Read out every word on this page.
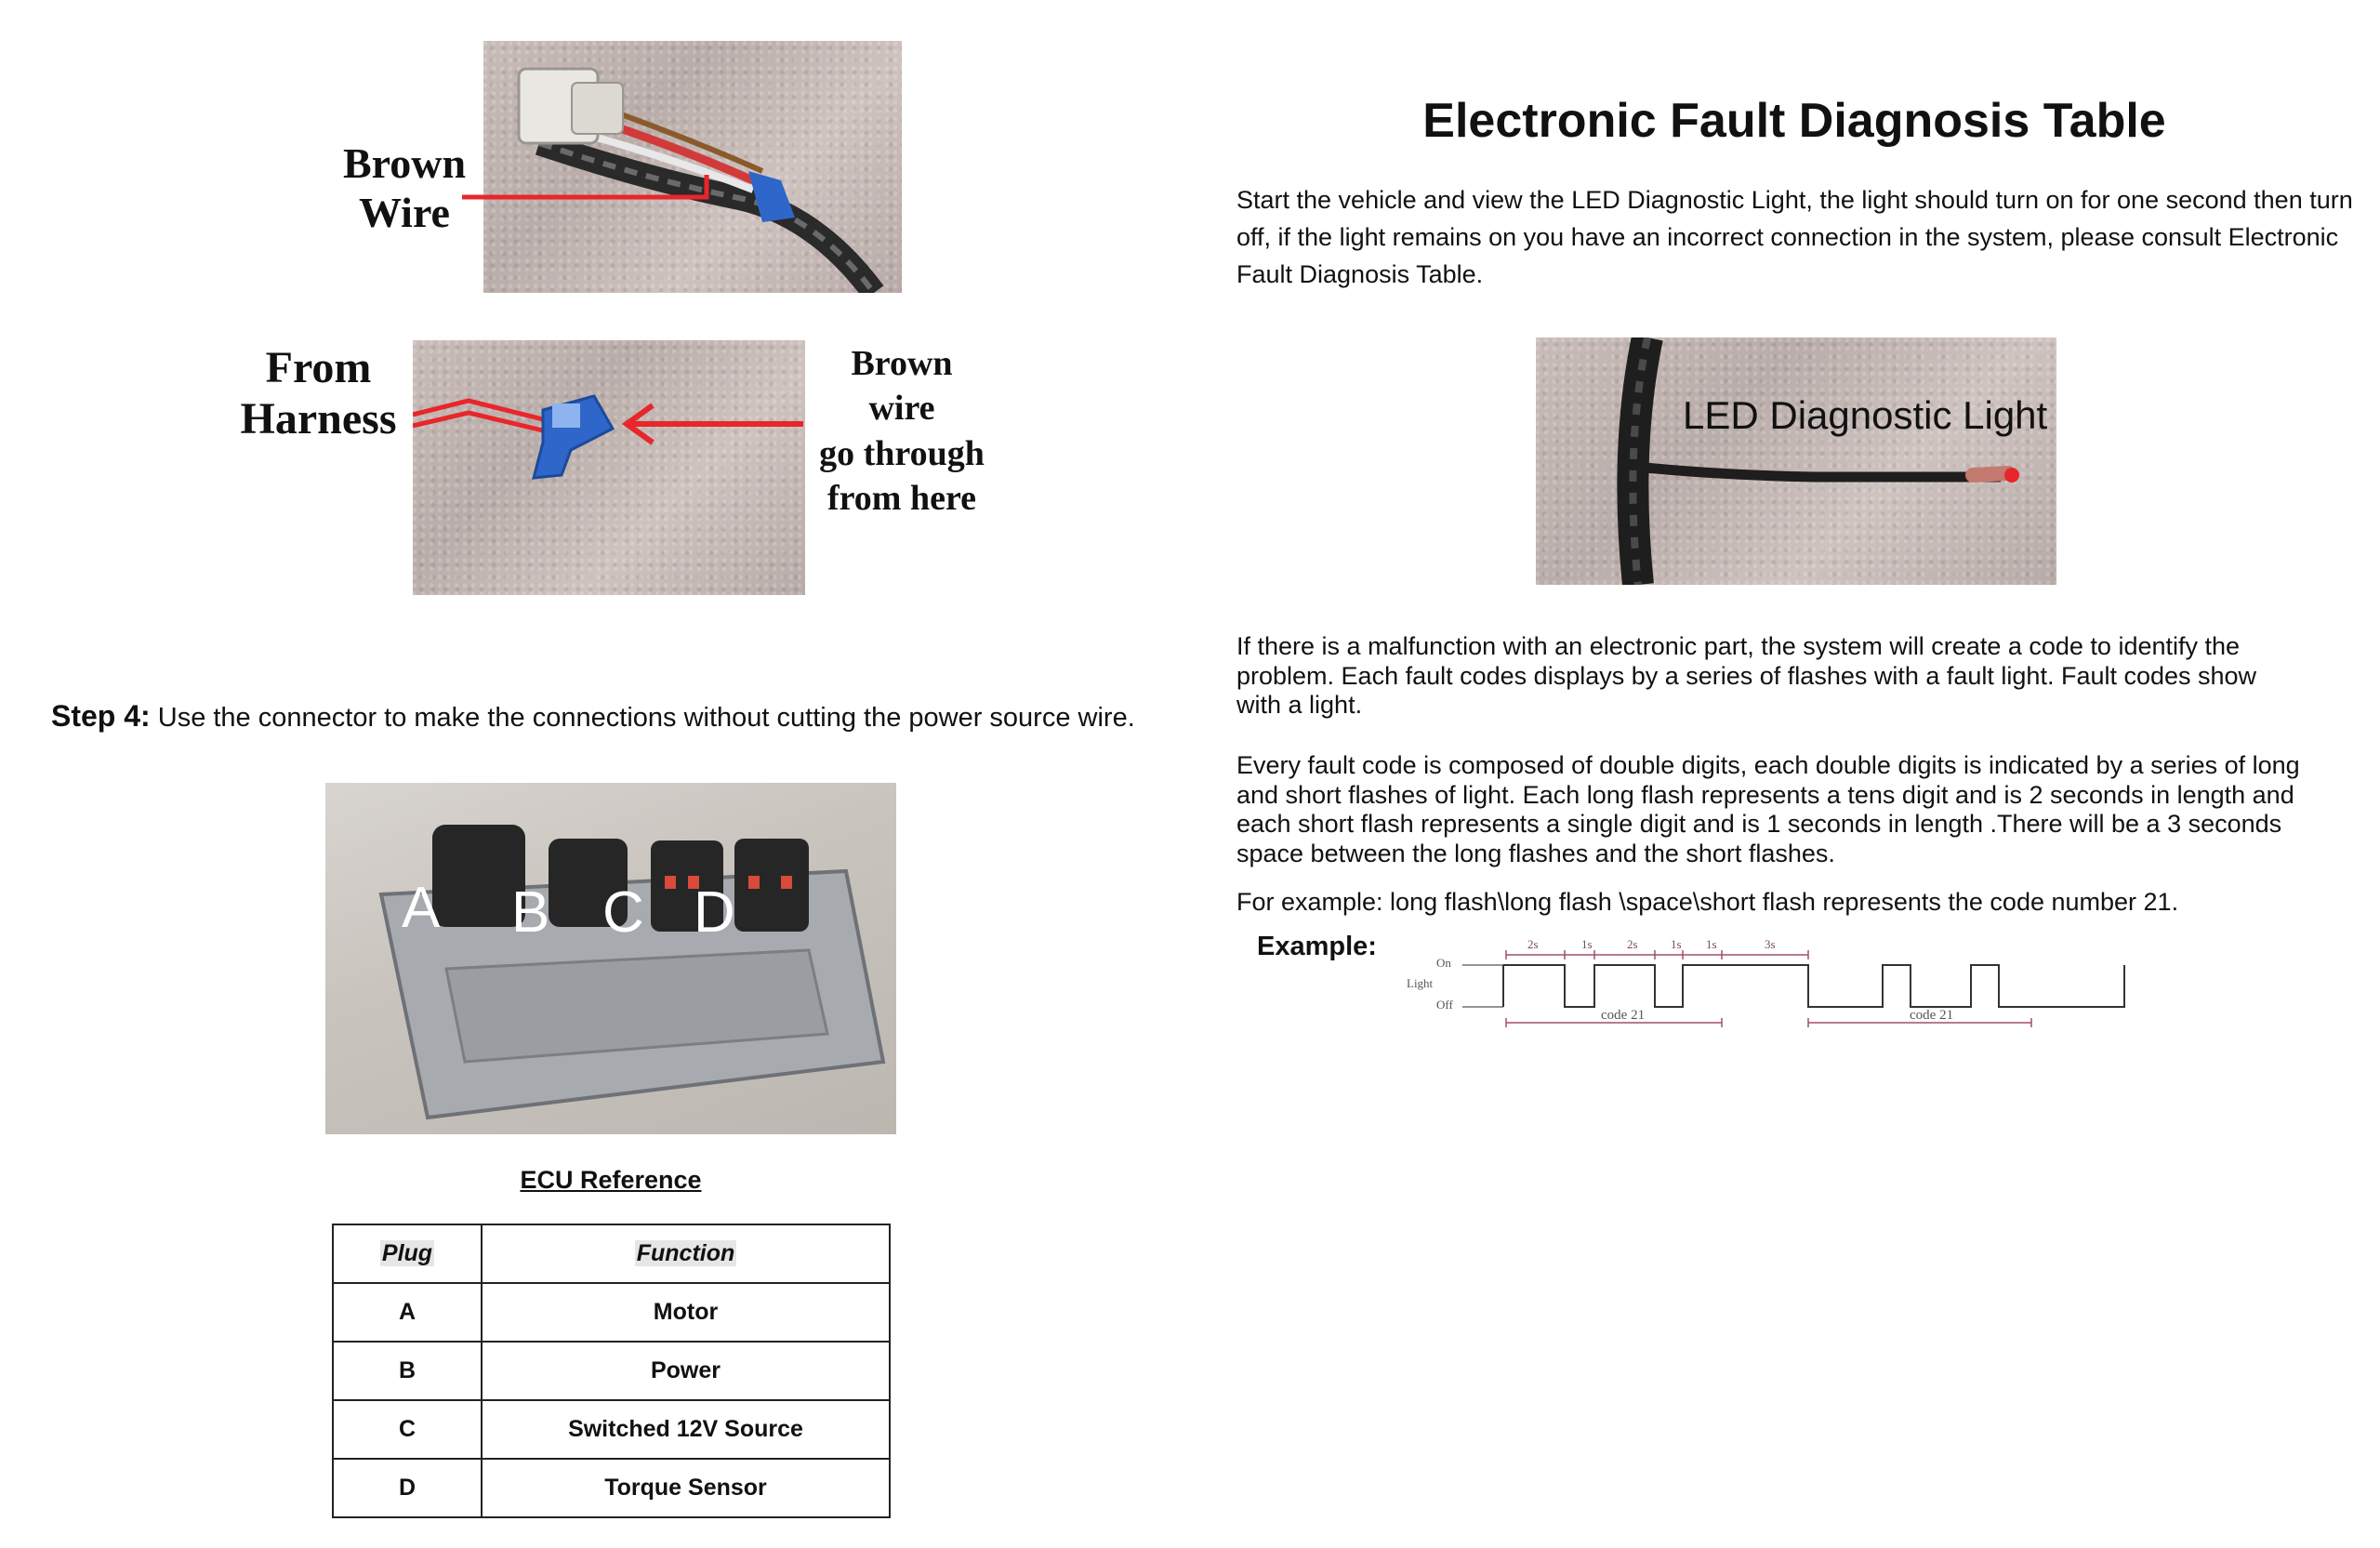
Brown
Wire
From
Harness
Brown
wire
go through
from here
Step 4: Use the connector to make the connections without cutting the power source wire.
A B C D
ECU Reference
Plug	Function
A	Motor
B	Power
C	Switched 12V Source
D	Torque Sensor
Electronic Fault Diagnosis Table
Start the vehicle and view the LED Diagnostic Light, the light should turn on for one second then turn off, if the light remains on you have an incorrect connection in the system, please consult Electronic Fault Diagnosis Table.
LED Diagnostic Light
If there is a malfunction with an electronic part, the system will create a code to identify the problem. Each fault codes displays by a series of flashes with a fault light. Fault codes show with a light.
Every fault code is composed of double digits, each double digits is indicated by a series of long and short flashes of light. Each long flash represents a tens digit and is 2 seconds in length and each short flash represents a single digit and is 1 seconds in length .There will be a 3 seconds space between the long flashes and the short flashes.
For example: long flash\long flash \space\short flash represents the code number 21.
Example:
On
Light
Off
2s	1s	2s	1s 1s	3s
code 21	code 21
